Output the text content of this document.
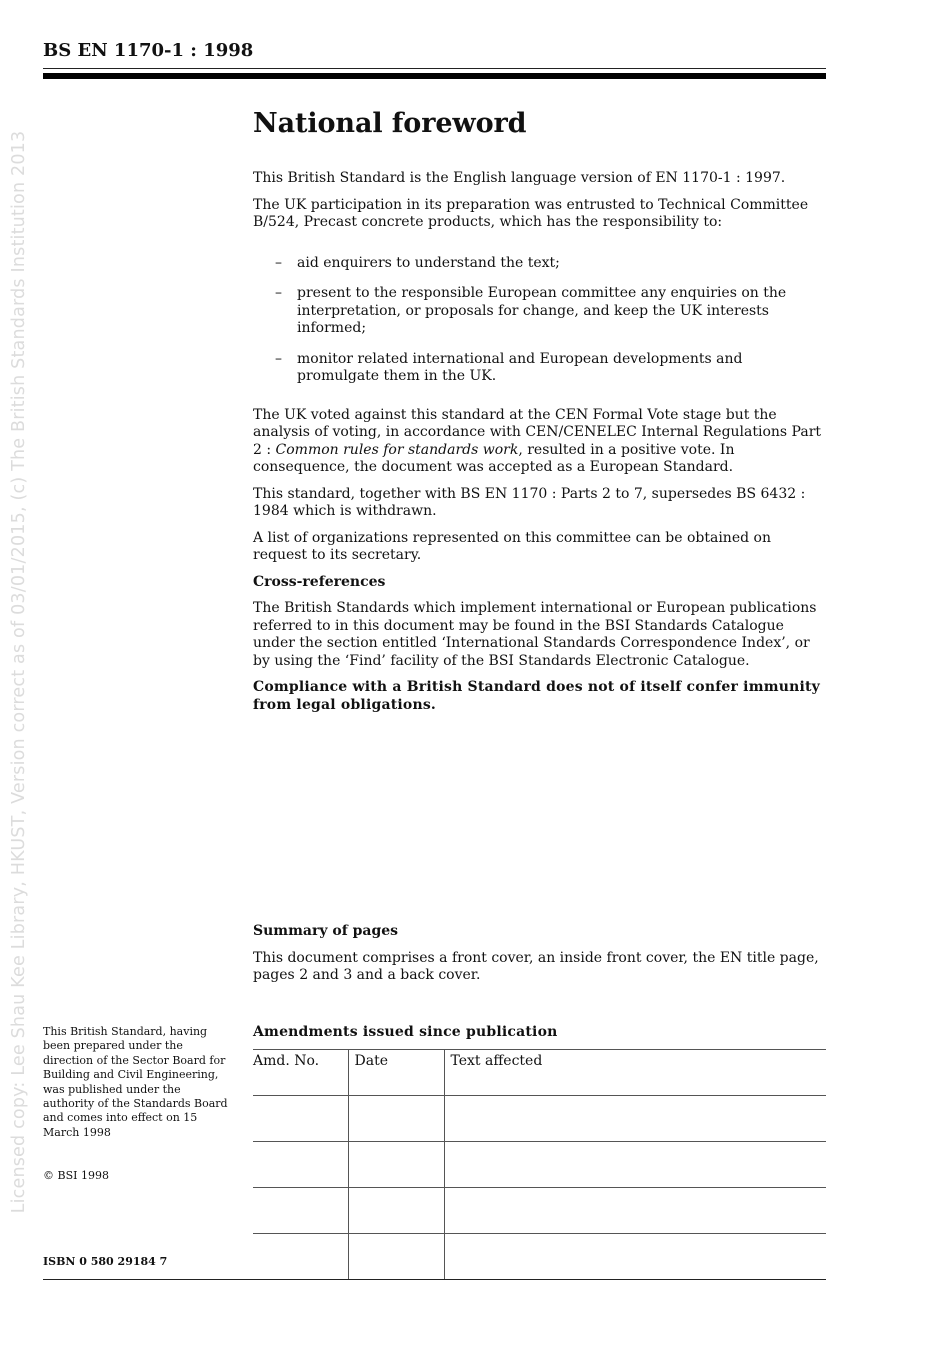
Licensed copy: Lee Shau Kee Library, HKUST, Version correct as of 03/01/2015, (c) The British Standards Institution 2013
BS EN 1170-1 : 1998
National foreword

This British Standard is the English language version of EN 1170-1 : 1997.

The UK participation in its preparation was entrusted to Technical Committee B/524, Precast concrete products, which has the responsibility to:

– aid enquirers to understand the text;
– present to the responsible European committee any enquiries on the interpretation, or proposals for change, and keep the UK interests informed;
– monitor related international and European developments and promulgate them in the UK.

The UK voted against this standard at the CEN Formal Vote stage but the analysis of voting, in accordance with CEN/CENELEC Internal Regulations Part 2 : Common rules for standards work, resulted in a positive vote. In consequence, the document was accepted as a European Standard.

This standard, together with BS EN 1170 : Parts 2 to 7, supersedes BS 6432 : 1984 which is withdrawn.

A list of organizations represented on this committee can be obtained on request to its secretary.

Cross-references

The British Standards which implement international or European publications referred to in this document may be found in the BSI Standards Catalogue under the section entitled ‘International Standards Correspondence Index’, or by using the ‘Find’ facility of the BSI Standards Electronic Catalogue.

Compliance with a British Standard does not of itself confer immunity from legal obligations.

Summary of pages

This document comprises a front cover, an inside front cover, the EN title page, pages 2 and 3 and a back cover.

Amendments issued since publication
Amd. No.	Date	Text affected

This British Standard, having been prepared under the direction of the Sector Board for Building and Civil Engineering, was published under the authority of the Standards Board and comes into effect on 15 March 1998
© BSI 1998
ISBN 0 580 29184 7
